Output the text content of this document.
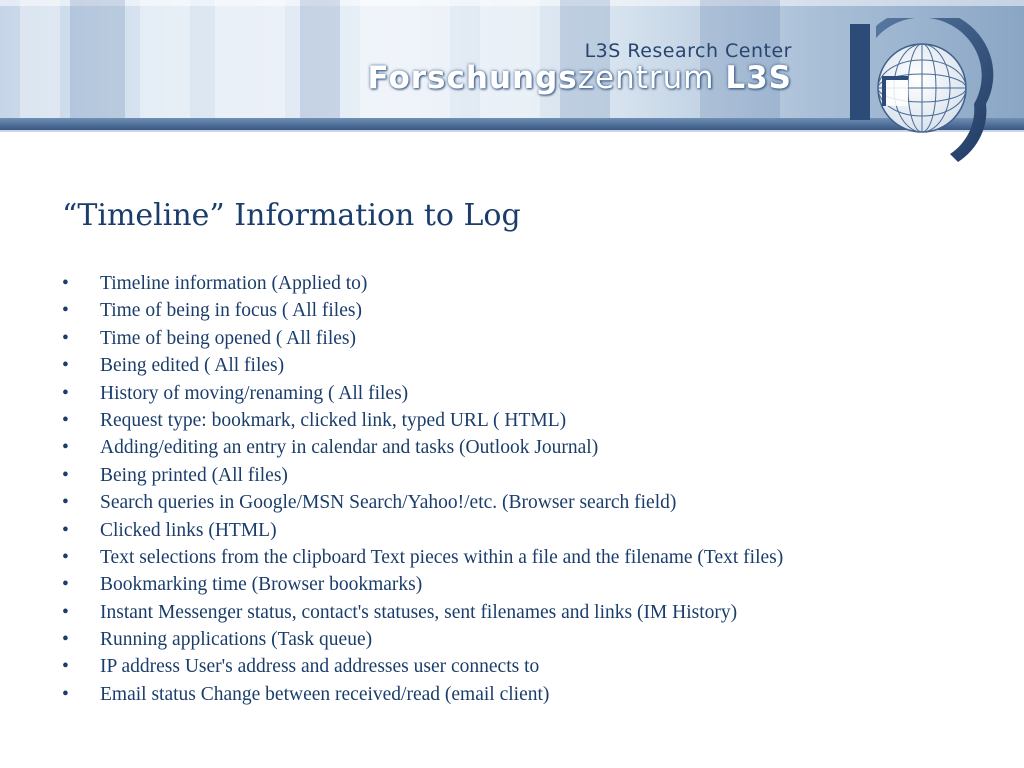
L3S Research Center
Forschungszentrum L3S
“Timeline” Information to Log
• Timeline information (Applied to)
• Time of being in focus ( All files)
• Time of being opened ( All files)
• Being edited ( All files)
• History of moving/renaming ( All files)
• Request type: bookmark, clicked link, typed URL ( HTML)
• Adding/editing an entry in calendar and tasks (Outlook Journal)
• Being printed (All files)
• Search queries in Google/MSN Search/Yahoo!/etc. (Browser search field)
• Clicked links (HTML)
• Text selections from the clipboard Text pieces within a file and the filename (Text files)
• Bookmarking time (Browser bookmarks)
• Instant Messenger status, contact's statuses, sent filenames and links (IM History)
• Running applications (Task queue)
• IP address User's address and addresses user connects to
• Email status Change between received/read (email client)
